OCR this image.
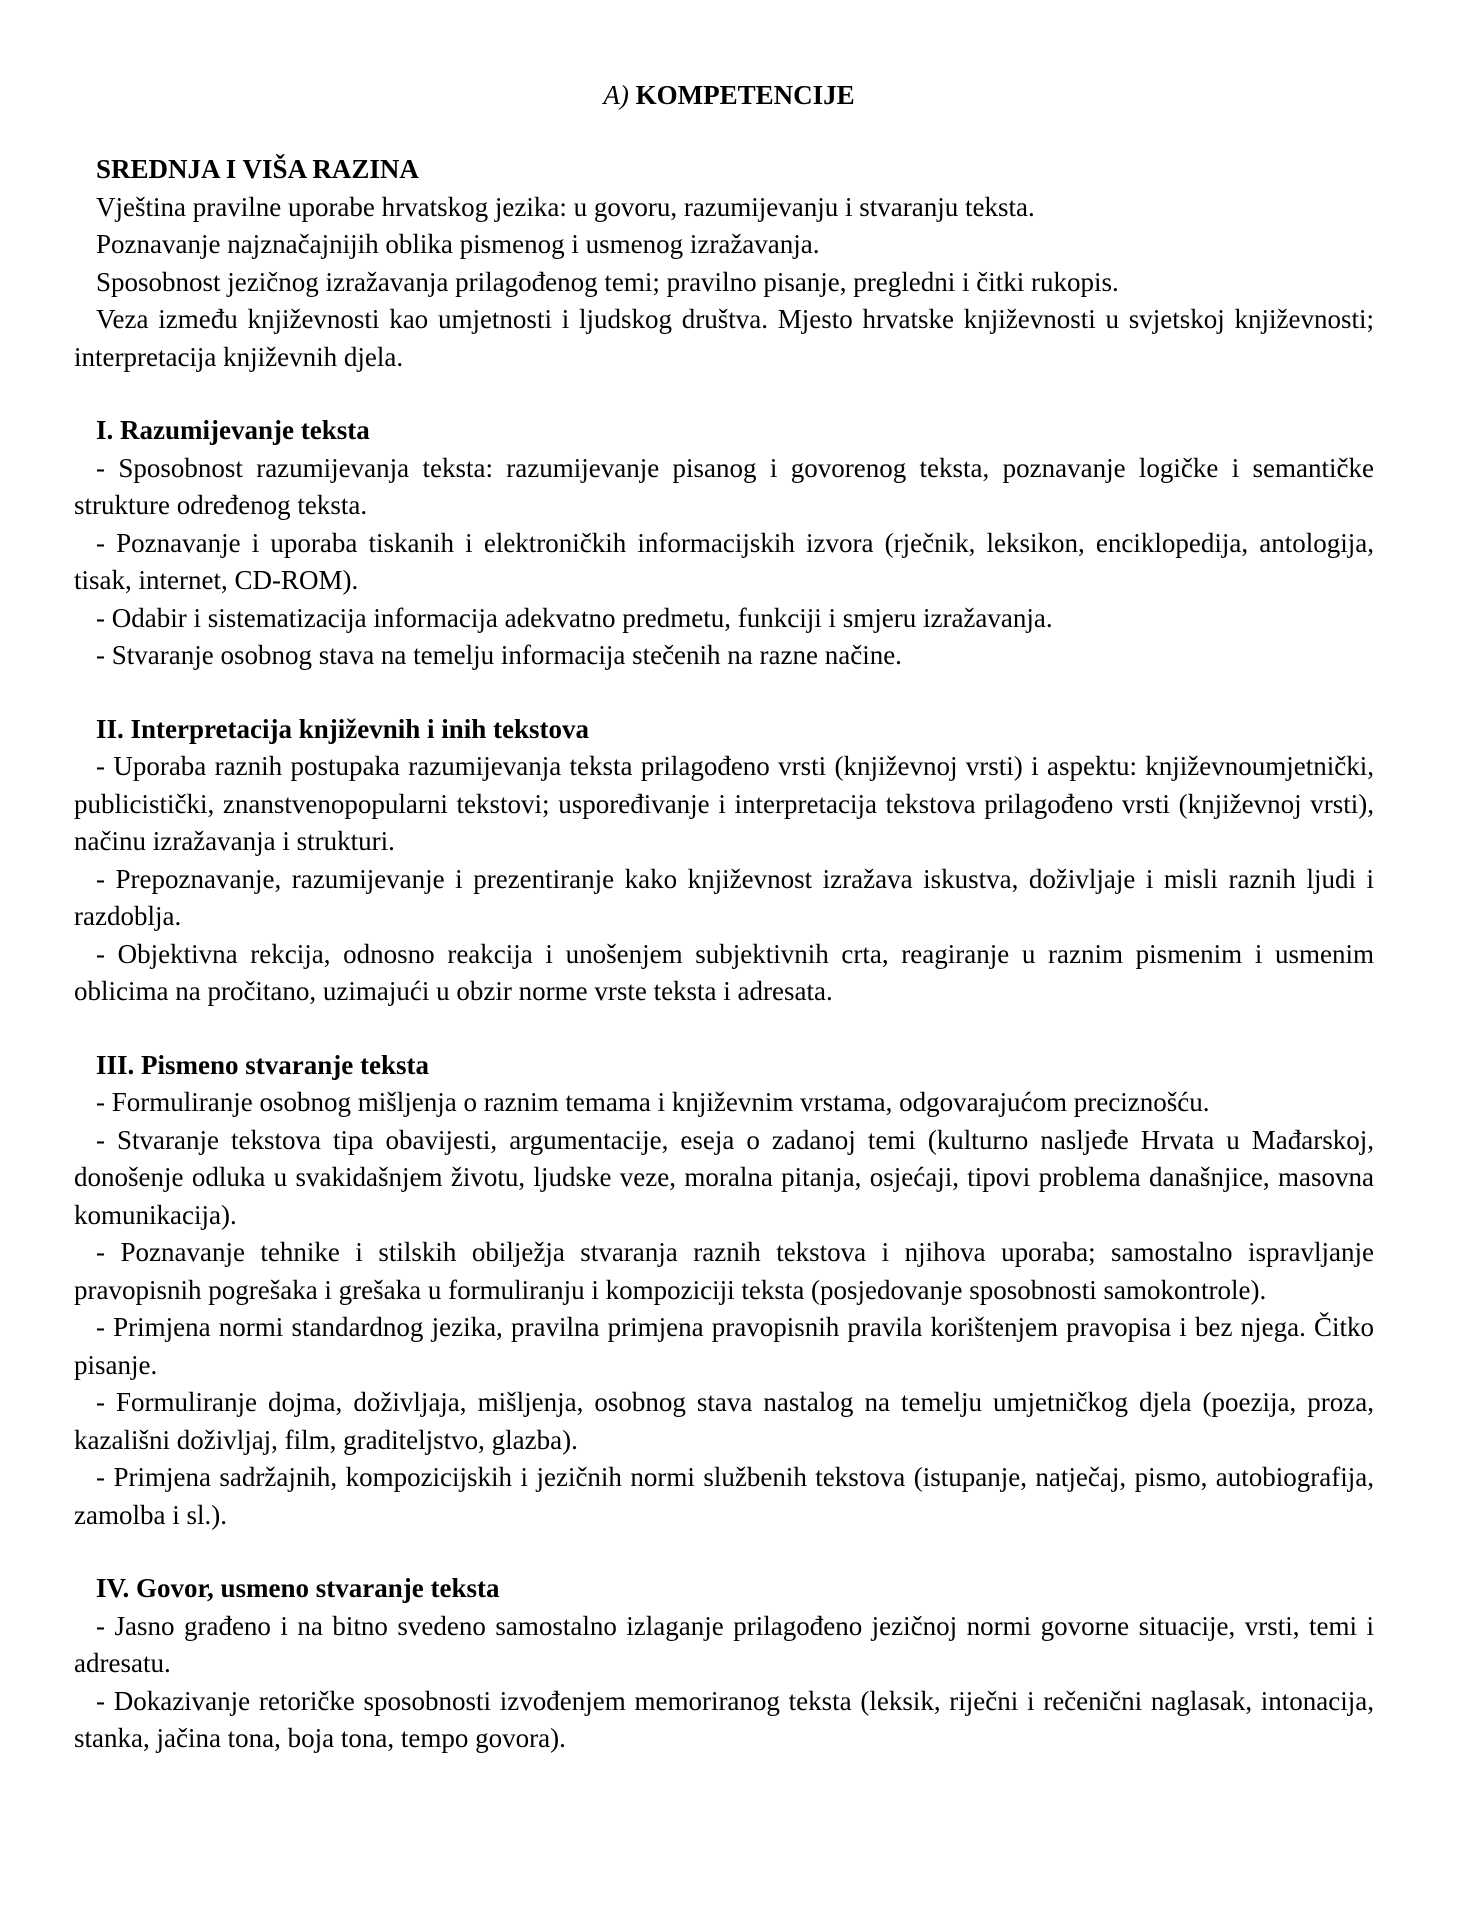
A) KOMPETENCIJE
SREDNJA I VIŠA RAZINA
Vještina pravilne uporabe hrvatskog jezika: u govoru, razumijevanju i stvaranju teksta.
Poznavanje najznačajnijih oblika pismenog i usmenog izražavanja.
Sposobnost jezičnog izražavanja prilagođenog temi; pravilno pisanje, pregledni i čitki rukopis.
Veza između književnosti kao umjetnosti i ljudskog društva. Mjesto hrvatske književnosti u svjetskoj književnosti; interpretacija književnih djela.
I. Razumijevanje teksta
- Sposobnost razumijevanja teksta: razumijevanje pisanog i govorenog teksta, poznavanje logičke i semantičke strukture određenog teksta.
- Poznavanje i uporaba tiskanih i elektroničkih informacijskih izvora (rječnik, leksikon, enciklopedija, antologija, tisak, internet, CD-ROM).
- Odabir i sistematizacija informacija adekvatno predmetu, funkciji i smjeru izražavanja.
- Stvaranje osobnog stava na temelju informacija stečenih na razne načine.
II. Interpretacija književnih i inih tekstova
- Uporaba raznih postupaka razumijevanja teksta prilagođeno vrsti (književnoj vrsti) i aspektu: književnoumjetnički, publicistički, znanstvenopopularni tekstovi; uspoređivanje i interpretacija tekstova prilagođeno vrsti (književnoj vrsti), načinu izražavanja i strukturi.
- Prepoznavanje, razumijevanje i prezentiranje kako književnost izražava iskustva, doživljaje i misli raznih ljudi i razdoblja.
- Objektivna rekcija, odnosno reakcija i unošenjem subjektivnih crta, reagiranje u raznim pismenim i usmenim oblicima na pročitano, uzimajući u obzir norme vrste teksta i adresata.
III. Pismeno stvaranje teksta
- Formuliranje osobnog mišljenja o raznim temama i književnim vrstama, odgovarajućom preciznošću.
- Stvaranje tekstova tipa obavijesti, argumentacije, eseja o zadanoj temi (kulturno nasljeđe Hrvata u Mađarskoj, donošenje odluka u svakidašnjem životu, ljudske veze, moralna pitanja, osjećaji, tipovi problema današnjice, masovna komunikacija).
- Poznavanje tehnike i stilskih obilježja stvaranja raznih tekstova i njihova uporaba; samostalno ispravljanje pravopisnih pogrešaka i grešaka u formuliranju i kompoziciji teksta (posjedovanje sposobnosti samokontrole).
- Primjena normi standardnog jezika, pravilna primjena pravopisnih pravila korištenjem pravopisa i bez njega. Čitko pisanje.
- Formuliranje dojma, doživljaja, mišljenja, osobnog stava nastalog na temelju umjetničkog djela (poezija, proza, kazališni doživljaj, film, graditeljstvo, glazba).
- Primjena sadržajnih, kompozicijskih i jezičnih normi službenih tekstova (istupanje, natječaj, pismo, autobiografija, zamolba i sl.).
IV. Govor, usmeno stvaranje teksta
- Jasno građeno i na bitno svedeno samostalno izlaganje prilagođeno jezičnoj normi govorne situacije, vrsti, temi i adresatu.
- Dokazivanje retoričke sposobnosti izvođenjem memoriranog teksta (leksik, riječni i rečenični naglasak, intonacija, stanka, jačina tona, boja tona, tempo govora).
